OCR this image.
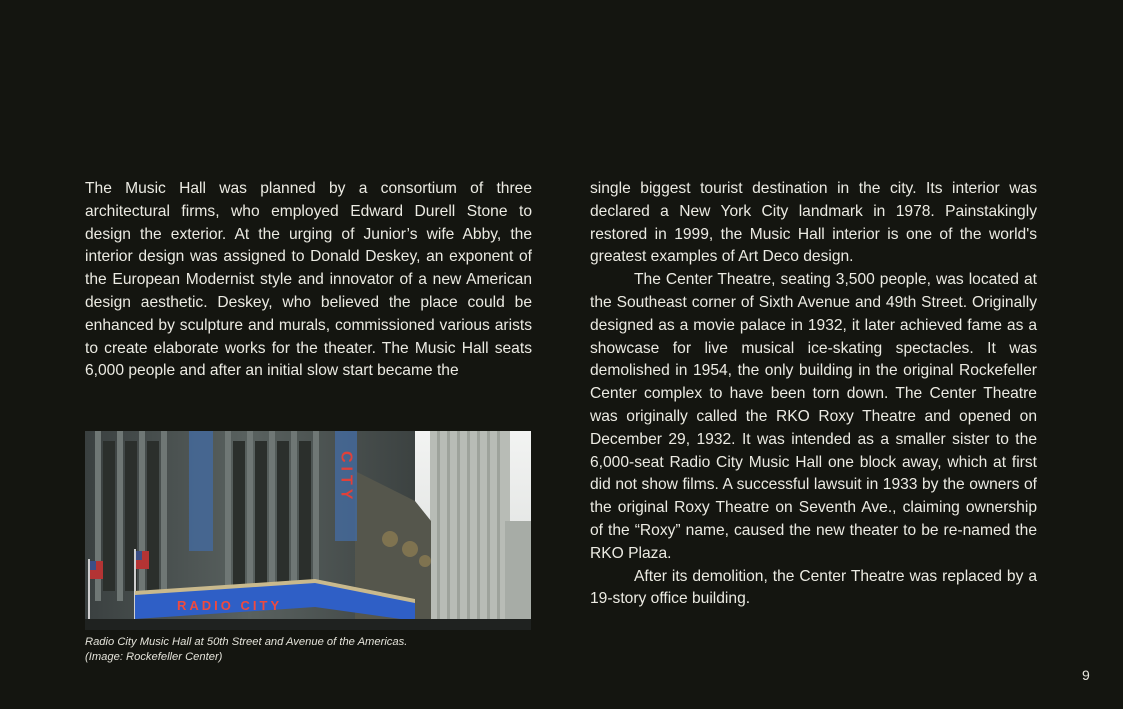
The Music Hall was planned by a consortium of three architectural firms, who employed Edward Durell Stone to design the exterior. At the urging of Junior’s wife Abby, the interior design was assigned to Donald Deskey, an exponent of the European Modernist style and innovator of a new American design aesthetic. Deskey, who believed the place could be enhanced by sculpture and murals, commissioned various arists to create elaborate works for the theater. The Music Hall seats 6,000 people and after an initial slow start became the

single biggest tourist destination in the city. Its interior was declared a New York City landmark in 1978. Painstakingly restored in 1999, the Music Hall interior is one of the world's greatest examples of Art Deco design.

The Center Theatre, seating 3,500 people, was located at the Southeast corner of Sixth Avenue and 49th Street. Originally designed as a movie palace in 1932, it later achieved fame as a showcase for live musical ice-skating spectacles. It was demolished in 1954, the only building in the original Rockefeller Center complex to have been torn down. The Center Theatre was originally called the RKO Roxy Theatre and opened on December 29, 1932. It was intended as a smaller sister to the 6,000-seat Radio City Music Hall one block away, which at first did not show films. A successful lawsuit in 1933 by the owners of the original Roxy Theatre on Seventh Ave., claiming ownership of the “Roxy” name, caused the new theater to be re-named the RKO Plaza.

After its demolition, the Center Theatre was replaced by a 19-story office building.

CITY
RADIO CITY
Radio City Music Hall at 50th Street and Avenue of the Americas.
(Image: Rockefeller Center)
9
